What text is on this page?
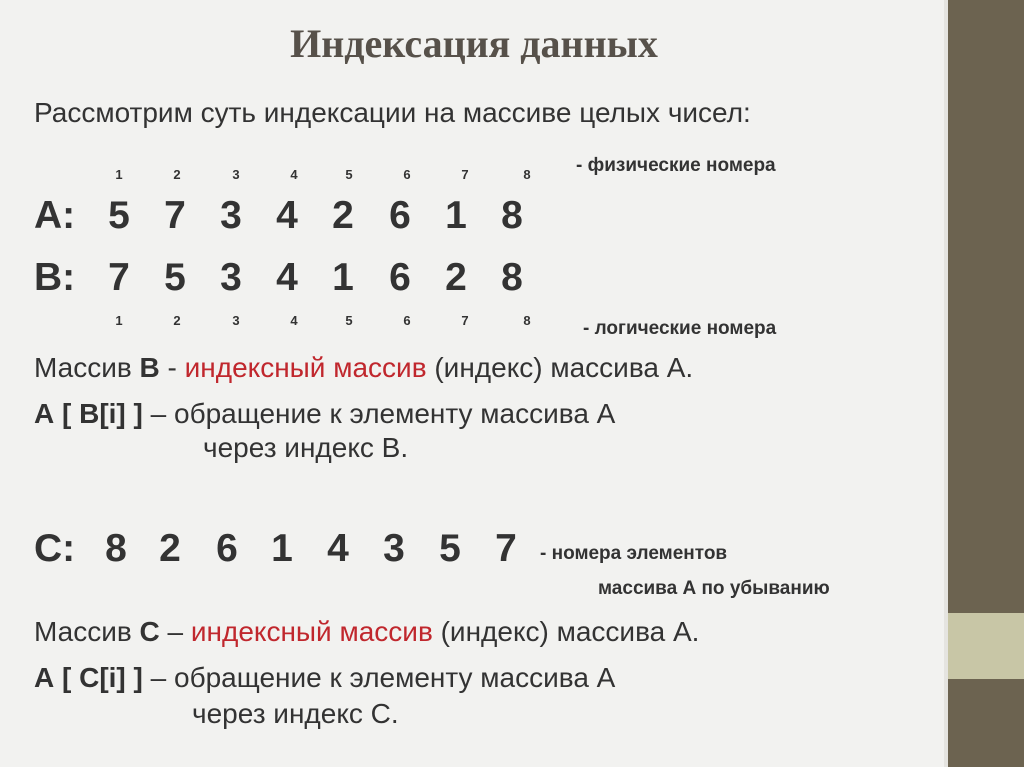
Индексация данных
Рассмотрим суть индексации на массиве целых чисел:
1	2	3	4	5	6	7	8	- физические номера
A: 5 7 3 4 2 6 1 8
B: 7 5 3 4 1 6 2 8
1	2	3	4	5	6	7	8	- логические номера
Массив B - индексный массив (индекс) массива А.
А [ B[i] ] – обращение к элементу массива А
через индекс В.
C: 8 2 6 1 4 3 5 7	- номера элементов
массива А по убыванию
Массив C – индексный массив (индекс) массива А.
А [ C[i] ] – обращение к элементу массива А
через индекс С.
